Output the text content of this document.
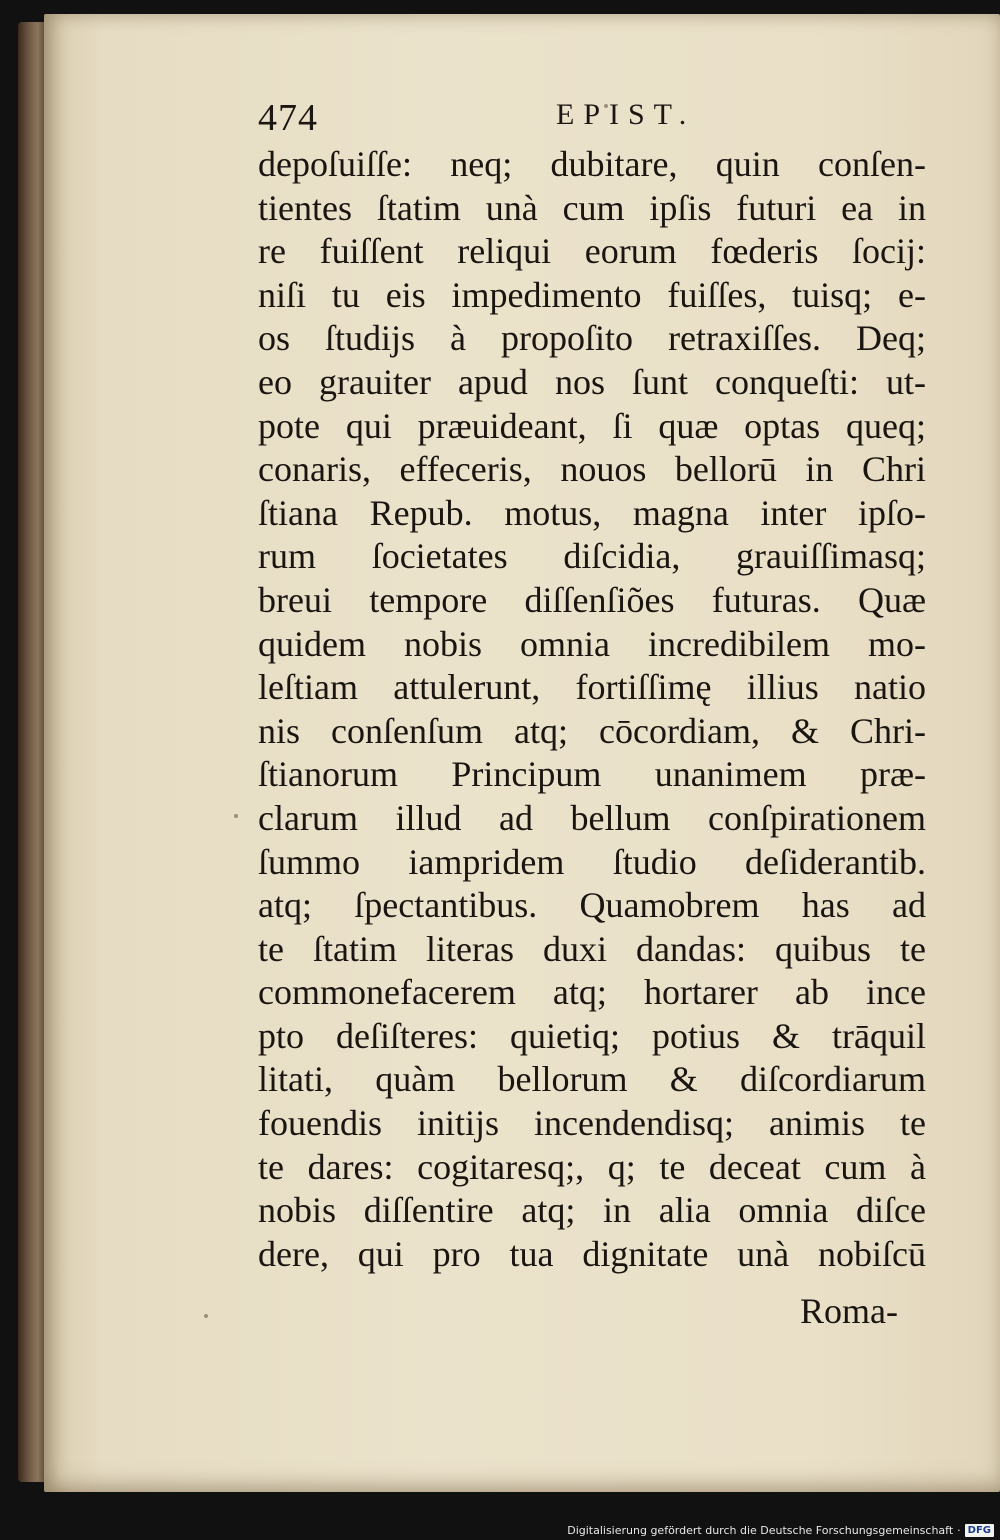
474	EPIST.
depoſuiſſe: neq; dubitare, quin conſen-
tientes ſtatim unà cum ipſis futuri ea in
re fuiſſent reliqui eorum fœderis ſocij:
niſi tu eis impedimento fuiſſes, tuisq; e-
os ſtudijs à propoſito retraxiſſes. Deq;
eo grauiter apud nos ſunt conqueſti: ut-
pote qui præuideant, ſi quæ optas queq;
conaris, effeceris, nouos bellorū in Chri
ſtiana Repub. motus, magna inter ipſo-
rum ſocietates diſcidia, grauiſſimasq;
breui tempore diſſenſiões futuras. Quæ
quidem nobis omnia incredibilem mo-
leſtiam attulerunt, fortiſſimę illius natio
nis conſenſum atq; cōcordiam, & Chri-
ſtianorum Principum unanimem præ-
clarum illud ad bellum conſpirationem
ſummo iampridem ſtudio deſiderantib.
atq; ſpectantibus. Quamobrem has ad
te ſtatim literas duxi dandas: quibus te
commonefacerem atq; hortarer ab ince
pto deſiſteres: quietiq; potius & trāquil
litati, quàm bellorum & diſcordiarum
fouendis initijs incendendisq; animis te
te dares: cogitaresq;, q; te deceat cum à
nobis diſſentire atq; in alia omnia diſce
dere, qui pro tua dignitate unà nobiſcū
Roma-
Digitalisierung gefördert durch die Deutsche Forschungsgemeinschaft · DFG
